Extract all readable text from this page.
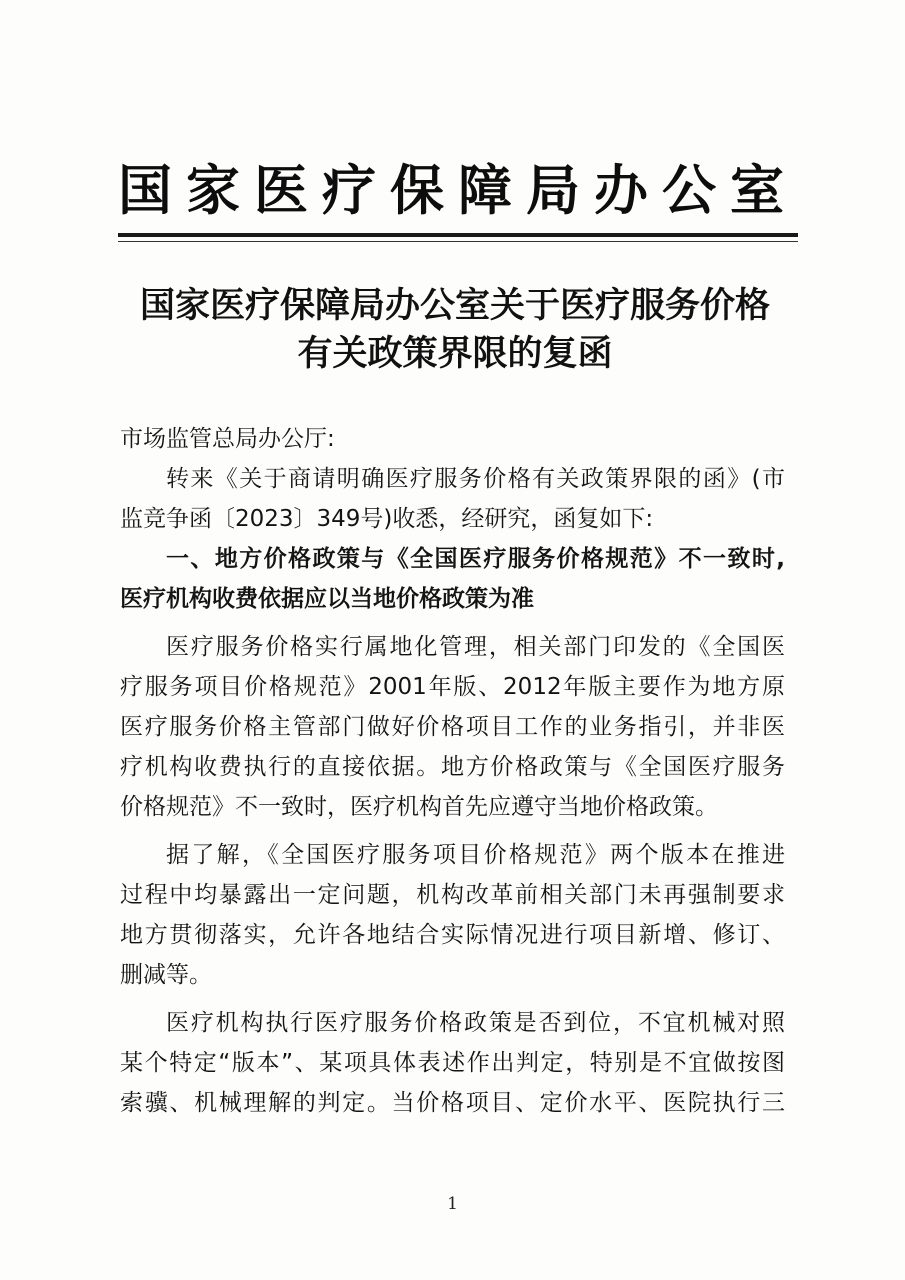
国家医疗保障局办公室
国家医疗保障局办公室关于医疗服务价格
有关政策界限的复函
市场监管总局办公厅:
转来《关于商请明确医疗服务价格有关政策界限的函》(市
监竞争函〔2023〕349号)收悉，经研究，函复如下:
一、地方价格政策与《全国医疗服务价格规范》不一致时,
医疗机构收费依据应以当地价格政策为准
医疗服务价格实行属地化管理，相关部门印发的《全国医
疗服务项目价格规范》2001年版、2012年版主要作为地方原
医疗服务价格主管部门做好价格项目工作的业务指引，并非医
疗机构收费执行的直接依据。地方价格政策与《全国医疗服务
价格规范》不一致时，医疗机构首先应遵守当地价格政策。
据了解，《全国医疗服务项目价格规范》两个版本在推进
过程中均暴露出一定问题，机构改革前相关部门未再强制要求
地方贯彻落实，允许各地结合实际情况进行项目新增、修订、
删减等。
医疗机构执行医疗服务价格政策是否到位，不宜机械对照
某个特定“版本”、某项具体表述作出判定，特别是不宜做按图
索骥、机械理解的判定。当价格项目、定价水平、医院执行三
1
